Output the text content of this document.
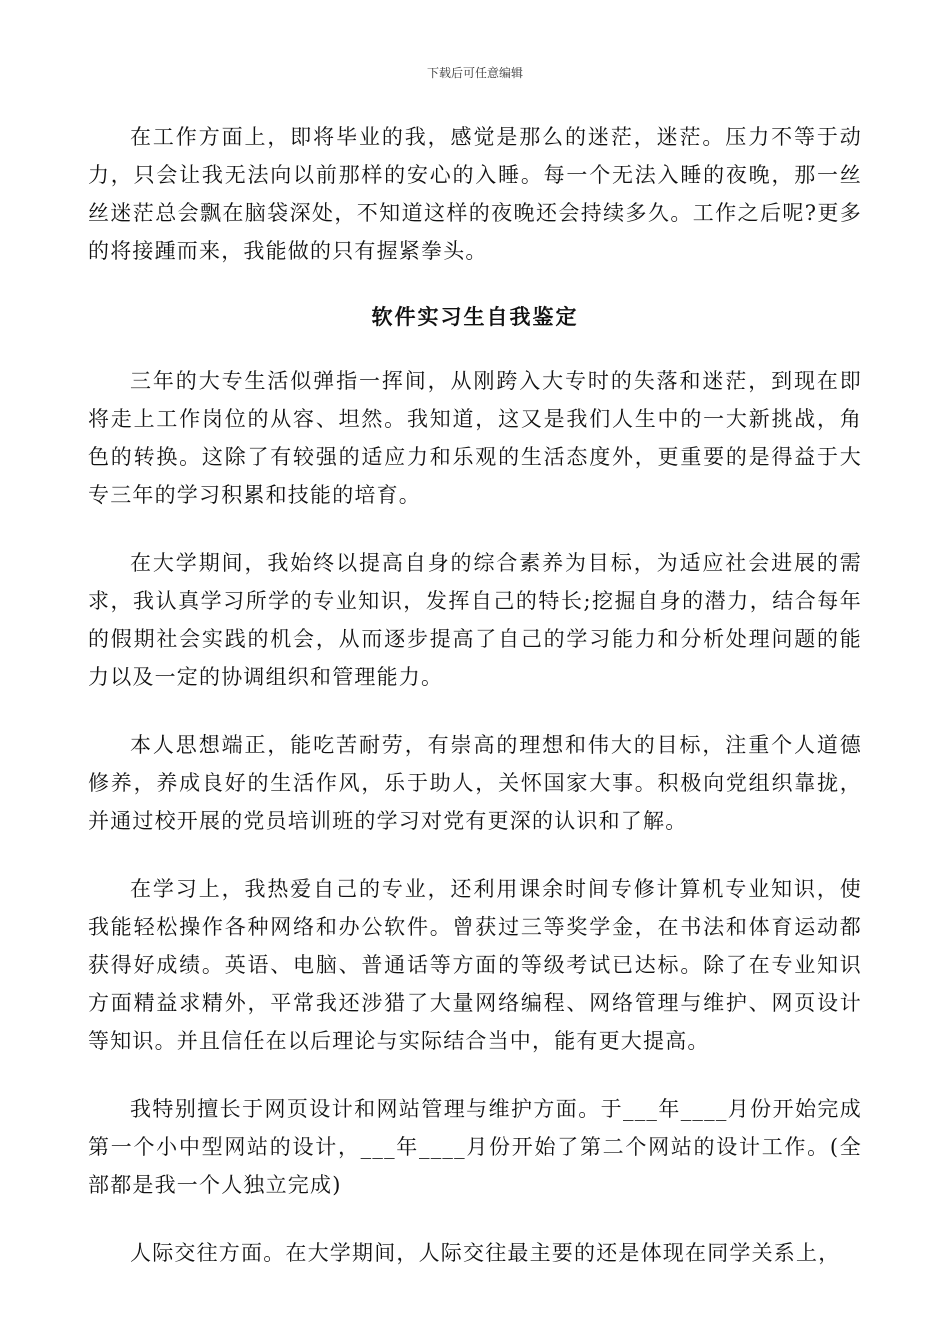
下载后可任意编辑

在工作方面上，即将毕业的我，感觉是那么的迷茫，迷茫。压力不等于动力，只会让我无法向以前那样的安心的入睡。每一个无法入睡的夜晚，那一丝丝迷茫总会飘在脑袋深处，不知道这样的夜晚还会持续多久。工作之后呢?更多的将接踵而来，我能做的只有握紧拳头。

软件实习生自我鉴定

三年的大专生活似弹指一挥间，从刚跨入大专时的失落和迷茫，到现在即将走上工作岗位的从容、坦然。我知道，这又是我们人生中的一大新挑战，角色的转换。这除了有较强的适应力和乐观的生活态度外，更重要的是得益于大专三年的学习积累和技能的培育。

在大学期间，我始终以提高自身的综合素养为目标，为适应社会进展的需求，我认真学习所学的专业知识，发挥自己的特长;挖掘自身的潜力，结合每年的假期社会实践的机会，从而逐步提高了自己的学习能力和分析处理问题的能力以及一定的协调组织和管理能力。

本人思想端正，能吃苦耐劳，有崇高的理想和伟大的目标，注重个人道德修养，养成良好的生活作风，乐于助人，关怀国家大事。积极向党组织靠拢，并通过校开展的党员培训班的学习对党有更深的认识和了解。

在学习上，我热爱自己的专业，还利用课余时间专修计算机专业知识，使我能轻松操作各种网络和办公软件。曾获过三等奖学金，在书法和体育运动都获得好成绩。英语、电脑、普通话等方面的等级考试已达标。除了在专业知识方面精益求精外，平常我还涉猎了大量网络编程、网络管理与维护、网页设计等知识。并且信任在以后理论与实际结合当中，能有更大提高。

我特别擅长于网页设计和网站管理与维护方面。于___年____月份开始完成第一个小中型网站的设计，___年____月份开始了第二个网站的设计工作。(全部都是我一个人独立完成)

人际交往方面。在大学期间，人际交往最主要的还是体现在同学关系上，
